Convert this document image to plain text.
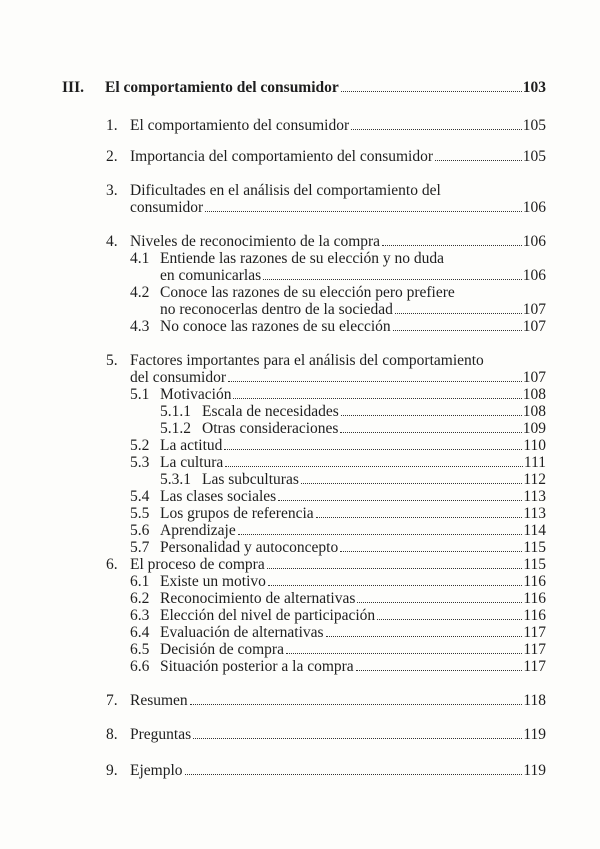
III. El comportamiento del consumidor	103
1. El comportamiento del consumidor	105
2. Importancia del comportamiento del consumidor	105
3. Dificultades en el análisis del comportamiento del
consumidor	106
4. Niveles de reconocimiento de la compra	106
4.1 Entiende las razones de su elección y no duda
en comunicarlas	106
4.2 Conoce las razones de su elección pero prefiere
no reconocerlas dentro de la sociedad	107
4.3 No conoce las razones de su elección	107
5. Factores importantes para el análisis del comportamiento
del consumidor	107
5.1 Motivación	108
5.1.1 Escala de necesidades	108
5.1.2 Otras consideraciones	109
5.2 La actitud	110
5.3 La cultura	111
5.3.1 Las subculturas	112
5.4 Las clases sociales	113
5.5 Los grupos de referencia	113
5.6 Aprendizaje	114
5.7 Personalidad y autoconcepto	115
6. El proceso de compra	115
6.1 Existe un motivo	116
6.2 Reconocimiento de alternativas	116
6.3 Elección del nivel de participación	116
6.4 Evaluación de alternativas	117
6.5 Decisión de compra	117
6.6 Situación posterior a la compra	117
7. Resumen	118
8. Preguntas	119
9. Ejemplo	119
